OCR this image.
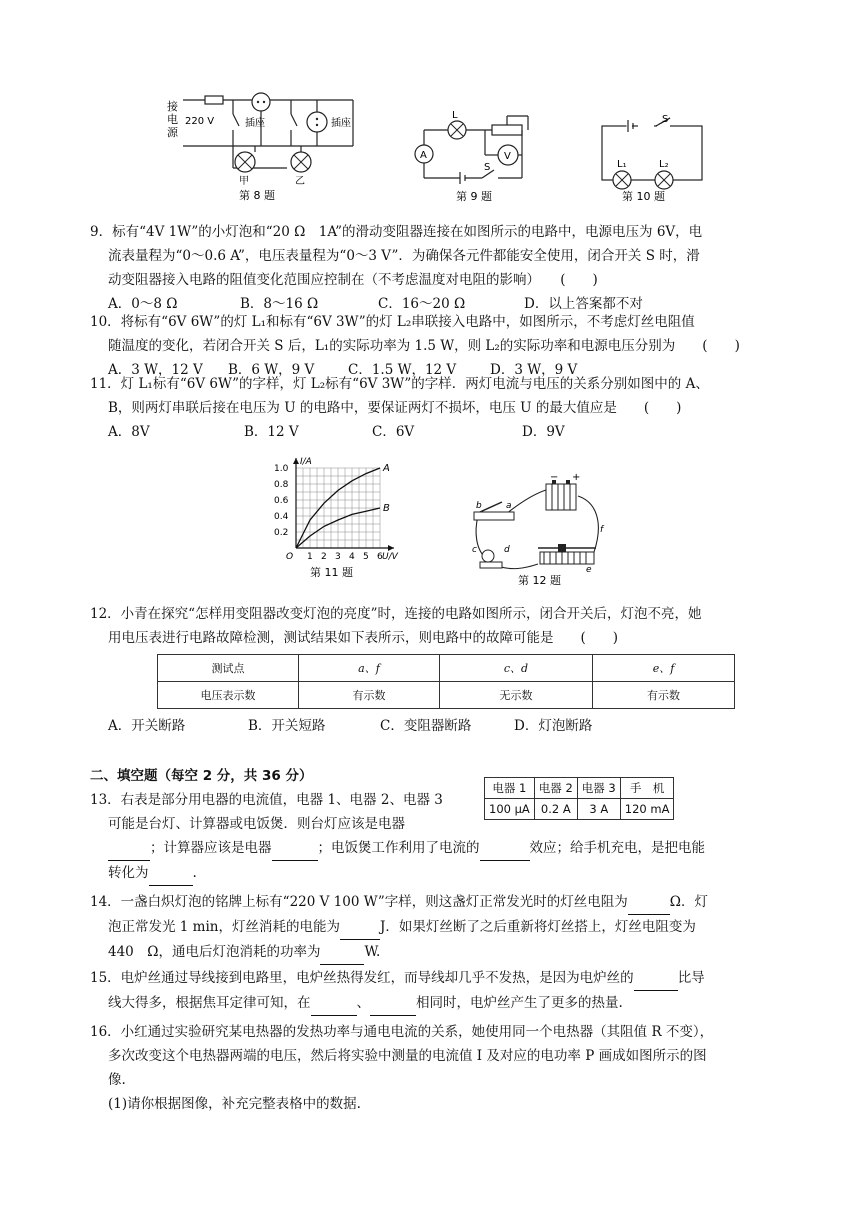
接
电
源
220 V	插座	插座
甲	乙
第 8 题
A	V
L
S
第 9 题
S
L₁	L₂
第 10 题
9．标有“4V 1W”的小灯泡和“20 Ω　1A”的滑动变阻器连接在如图所示的电路中，电源电压为 6V，电
流表量程为“0～0.6 A”，电压表量程为“0～3 V”．为确保各元件都能安全使用，闭合开关 S 时，滑
动变阻器接入电路的阻值变化范围应控制在（不考虑温度对电阻的影响）　　(　　)
A．0～8 Ω	B．8～16 Ω	C．16～20 Ω	D．以上答案都不对
10．将标有“6V 6W”的灯 L₁和标有“6V 3W”的灯 L₂串联接入电路中，如图所示，不考虑灯丝电阻值
随温度的变化，若闭合开关 S 后，L₁的实际功率为 1.5 W，则 L₂的实际功率和电源电压分别为　　(　　)
A．3 W，12 V B．6 W，9 V C．1.5 W，12 V	D．3 W，9 V
11．灯 L₁标有“6V 6W”的字样，灯 L₂标有“6V 3W”的字样．两灯电流与电压的关系分别如图中的 A、
B，则两灯串联后接在电压为 U 的电路中，要保证两灯不损坏，电压 U 的最大值应是　　(　　)
A．8V	B．12 V	C．6V	D．9V
1 2 3 4 5 6
0.2
0.4
0.6
0.8
1.0
O	U/V
I/A
A
B
第 11 题
− +
a
b
c	d
e
f
第 12 题
12．小青在探究“怎样用变阻器改变灯泡的亮度”时，连接的电路如图所示，闭合开关后，灯泡不亮，她
用电压表进行电路故障检测，测试结果如下表所示，则电路中的故障可能是　　(　　)
测试点	a、f	c、d	e、f
电压表示数	有示数	无示数	有示数
A．开关断路	B．开关短路	C．变阻器断路	D．灯泡断路
二、填空题（每空 2 分，共 36 分）
13．右表是部分用电器的电流值，电器 1、电器 2、电器 3
可能是台灯、计算器或电饭煲．则台灯应该是电器
；计算器应该是电器	；电饭煲工作利用了电流的	效应；给手机充电，是把电能
转化为	.
电器 1	电器 2	电器 3	手　机
100 μA	0.2 A	3 A	120 mA
14．一盏白炽灯泡的铭牌上标有“220 V 100 W”字样，则这盏灯正常发光时的灯丝电阻为	Ω．灯
泡正常发光 1 min，灯丝消耗的电能为	J．如果灯丝断了之后重新将灯丝搭上，灯丝电阻变为
440　Ω，通电后灯泡消耗的功率为	W.
15．电炉丝通过导线接到电路里，电炉丝热得发红，而导线却几乎不发热，是因为电炉丝的	比导
线大得多，根据焦耳定律可知，在	、	相同时，电炉丝产生了更多的热量.
16．小红通过实验研究某电热器的发热功率与通电电流的关系，她使用同一个电热器（其阻值 R 不变），
多次改变这个电热器两端的电压，然后将实验中测量的电流值 I 及对应的电功率 P 画成如图所示的图
像.
(1)请你根据图像，补充完整表格中的数据.
